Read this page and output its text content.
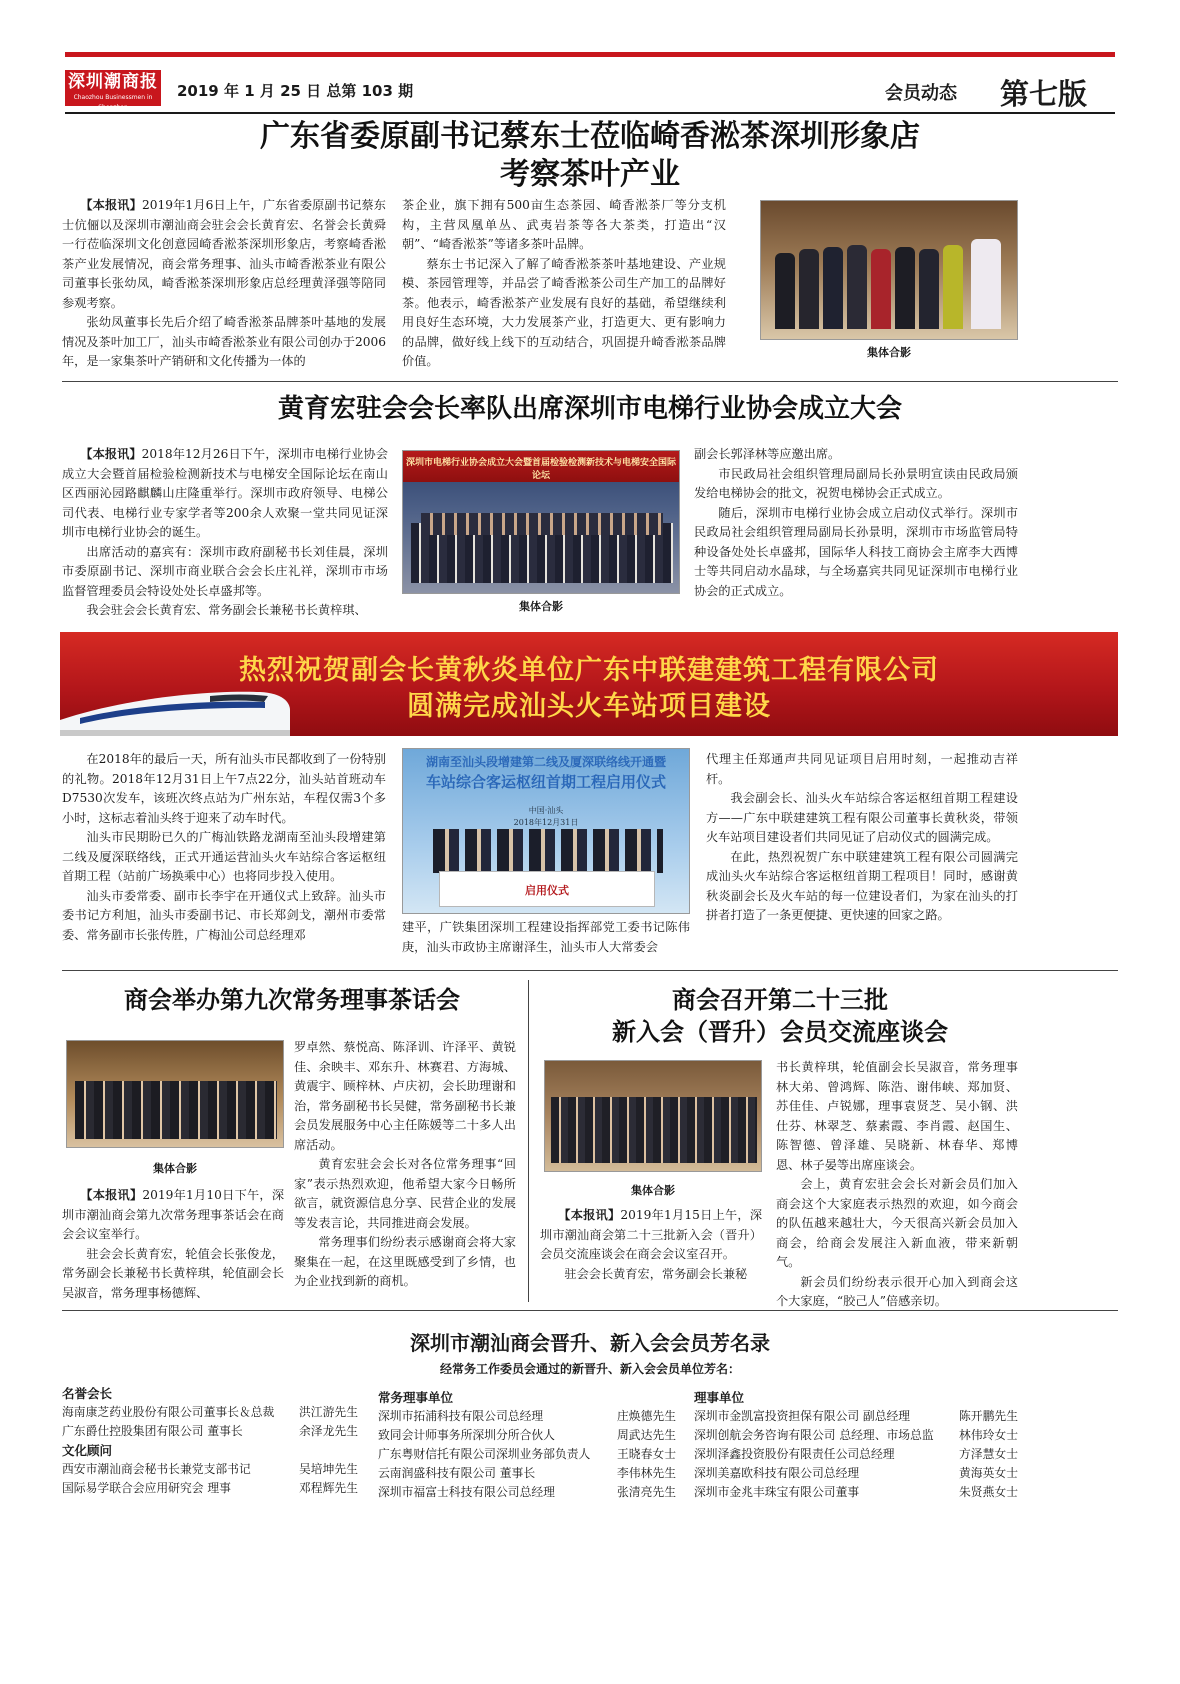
深圳潮商报
Chaozhou Businessmen in Shenzhen
2019 年 1 月 25 日 总第 103 期	会员动态 第七版
广东省委原副书记蔡东士莅临崎香淞茶深圳形象店
考察茶叶产业

【本报讯】2019年1月6日上午，广东省委原副书记蔡东士伉俪以及深圳市潮汕商会驻会会长黄育宏、名誉会长黄舜一行莅临深圳文化创意园崎香淞茶深圳形象店，考察崎香淞茶产业发展情况，商会常务理事、汕头市崎香淞茶业有限公司董事长张幼凤，崎香淞茶深圳形象店总经理黄泽强等陪同参观考察。

张幼凤董事长先后介绍了崎香淞茶品牌茶叶基地的发展情况及茶叶加工厂，汕头市崎香淞茶业有限公司创办于2006年，是一家集茶叶产销研和文化传播为一体的

茶企业，旗下拥有500亩生态茶园、崎香淞茶厂等分支机构，主营凤凰单丛、武夷岩茶等各大茶类，打造出“汉朝”、“崎香淞茶”等诸多茶叶品牌。

蔡东士书记深入了解了崎香淞茶茶叶基地建设、产业规模、茶园管理等，并品尝了崎香淞茶公司生产加工的品牌好茶。他表示，崎香淞茶产业发展有良好的基础，希望继续利用良好生态环境，大力发展茶产业，打造更大、更有影响力的品牌，做好线上线下的互动结合，巩固提升崎香淞茶品牌价值。

集体合影
黄育宏驻会会长率队出席深圳市电梯行业协会成立大会

【本报讯】2018年12月26日下午，深圳市电梯行业协会成立大会暨首届检验检测新技术与电梯安全国际论坛在南山区西丽沁园路麒麟山庄隆重举行。深圳市政府领导、电梯公司代表、电梯行业专家学者等200余人欢聚一堂共同见证深圳市电梯行业协会的诞生。

出席活动的嘉宾有：深圳市政府副秘书长刘佳晨，深圳市委原副书记、深圳市商业联合会会长庄礼祥，深圳市市场监督管理委员会特设处处长卓盛邦等。

我会驻会会长黄育宏、常务副会长兼秘书长黄梓琪、

深圳市电梯行业协会成立大会暨首届检验检测新技术与电梯安全国际论坛
集体合影

副会长郭泽林等应邀出席。

市民政局社会组织管理局副局长孙景明宣读由民政局颁发给电梯协会的批文，祝贺电梯协会正式成立。

随后，深圳市电梯行业协会成立启动仪式举行。深圳市民政局社会组织管理局副局长孙景明，深圳市市场监管局特种设备处处长卓盛邦，国际华人科技工商协会主席李大西博士等共同启动水晶球，与全场嘉宾共同见证深圳市电梯行业协会的正式成立。

热烈祝贺副会长黄秋炎单位广东中联建建筑工程有限公司
圆满完成汕头火车站项目建设

在2018年的最后一天，所有汕头市民都收到了一份特别的礼物。2018年12月31日上午7点22分，汕头站首班动车D7530次发车，该班次终点站为广州东站，车程仅需3个多小时，这标志着汕头终于迎来了动车时代。

汕头市民期盼已久的广梅汕铁路龙湖南至汕头段增建第二线及厦深联络线，正式开通运营汕头火车站综合客运枢纽首期工程（站前广场换乘中心）也将同步投入使用。

汕头市委常委、副市长李宇在开通仪式上致辞。汕头市委书记方利旭，汕头市委副书记、市长郑剑戈，潮州市委常委、常务副市长张传胜，广梅汕公司总经理邓

湖南至汕头段增建第二线及厦深联络线开通暨
车站综合客运枢纽首期工程启用仪式
中国·汕头
2018年12月31日
启用仪式

建平，广铁集团深圳工程建设指挥部党工委书记陈伟庚，汕头市政协主席谢泽生，汕头市人大常委会

代理主任郑通声共同见证项目启用时刻，一起推动吉祥杆。

我会副会长、汕头火车站综合客运枢纽首期工程建设方——广东中联建建筑工程有限公司董事长黄秋炎，带领火车站项目建设者们共同见证了启动仪式的圆满完成。

在此，热烈祝贺广东中联建建筑工程有限公司圆满完成汕头火车站综合客运枢纽首期工程项目！同时，感谢黄秋炎副会长及火车站的每一位建设者们，为家在汕头的打拼者打造了一条更便捷、更快速的回家之路。

商会举办第九次常务理事茶话会
集体合影

【本报讯】2019年1月10日下午，深圳市潮汕商会第九次常务理事茶话会在商会会议室举行。

驻会会长黄育宏，轮值会长张俊龙，常务副会长兼秘书长黄梓琪，轮值副会长吴淑音，常务理事杨德辉、

罗卓然、蔡悦高、陈泽训、许泽平、黄锐佳、余映丰、邓东升、林赛君、方海城、黄震宇、顾梓林、卢庆初，会长助理谢和治，常务副秘书长吴健，常务副秘书长兼会员发展服务中心主任陈媛等二十多人出席活动。

黄育宏驻会会长对各位常务理事“回家”表示热烈欢迎，他希望大家今日畅所欲言，就资源信息分享、民营企业的发展等发表言论，共同推进商会发展。

常务理事们纷纷表示感谢商会将大家聚集在一起，在这里既感受到了乡情，也为企业找到新的商机。

商会召开第二十三批
新入会（晋升）会员交流座谈会
集体合影

【本报讯】2019年1月15日上午，深圳市潮汕商会第二十三批新入会（晋升）会员交流座谈会在商会会议室召开。

驻会会长黄育宏，常务副会长兼秘

书长黄梓琪，轮值副会长吴淑音，常务理事林大弟、曾鸿辉、陈浩、谢伟峡、郑加贤、苏佳佳、卢锐娜，理事袁贤芝、吴小钢、洪仕芬、林翠芝、蔡素霞、李肖霞、赵国生、陈智德、曾泽雄、吴晓新、林春华、郑博恩、林子晏等出席座谈会。

会上，黄育宏驻会会长对新会员们加入商会这个大家庭表示热烈的欢迎，如今商会的队伍越来越壮大，今天很高兴新会员加入商会，给商会发展注入新血液，带来新朝气。

新会员们纷纷表示很开心加入到商会这个大家庭，“胶己人”倍感亲切。

深圳市潮汕商会晋升、新入会会员芳名录
经常务工作委员会通过的新晋升、新入会会员单位芳名：
名誉会长
海南康芝药业股份有限公司董事长＆总裁 洪江游先生
广东爵仕控股集团有限公司 董事长	余泽龙先生
文化顾问
西安市潮汕商会秘书长兼党支部书记	吴培坤先生
国际易学联合会应用研究会 理事	邓程辉先生
常务理事单位
深圳市拓浦科技有限公司总经理	庄焕德先生
致同会计师事务所深圳分所合伙人	周武达先生
广东粤财信托有限公司深圳业务部负责人 王晓春女士
云南润盛科技有限公司 董事长	李伟林先生
深圳市福富士科技有限公司总经理	张清亮先生
理事单位
深圳市金凯富投资担保有限公司 副总经理	陈开鹏先生
深圳创航会务咨询有限公司 总经理、市场总监 林伟玲女士
深圳泽鑫投资股份有限责任公司总经理	方泽慧女士
深圳美嘉欧科技有限公司总经理	黄海英女士
深圳市金兆丰珠宝有限公司董事	朱贤燕女士
